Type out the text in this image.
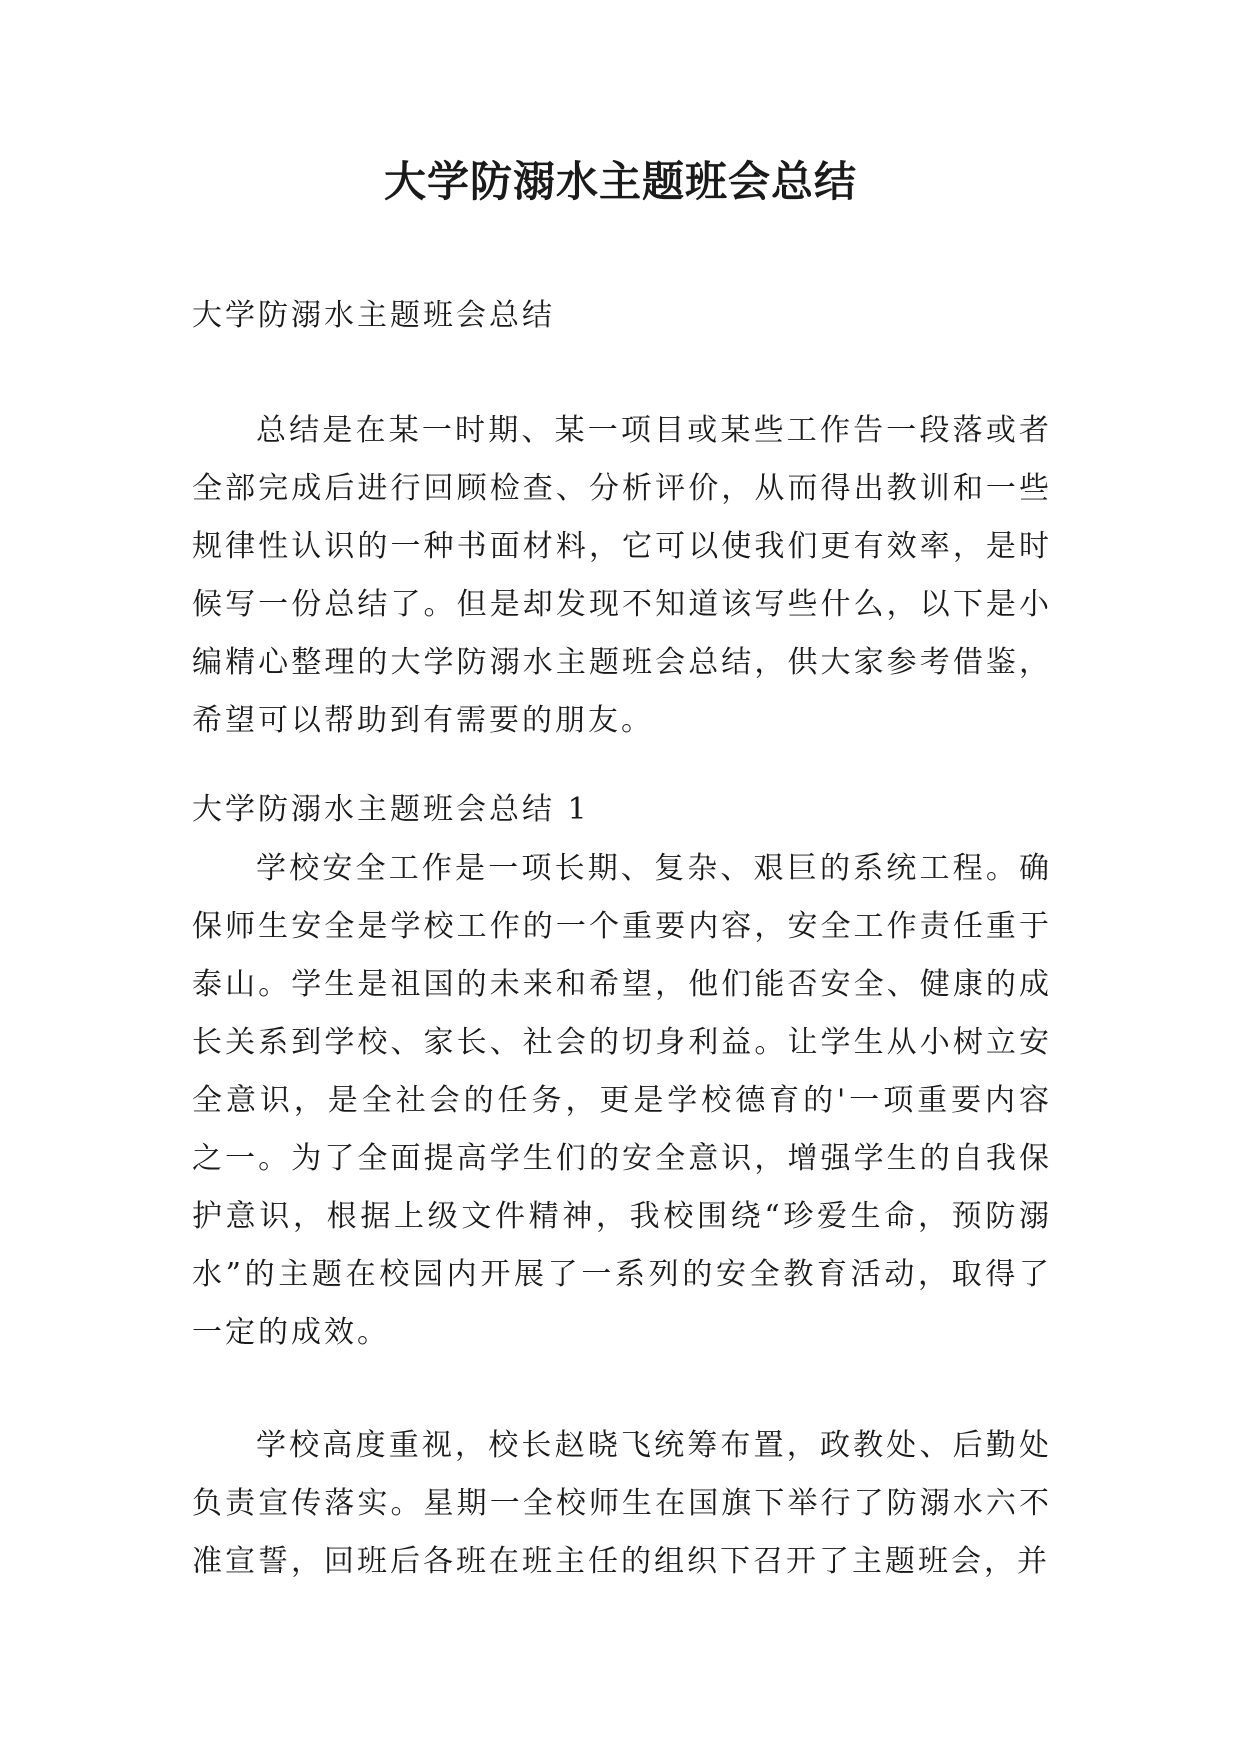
大学防溺水主题班会总结

大学防溺水主题班会总结

总结是在某一时期、某一项目或某些工作告一段落或者全部完成后进行回顾检查、分析评价，从而得出教训和一些规律性认识的一种书面材料，它可以使我们更有效率，是时候写一份总结了。但是却发现不知道该写些什么，以下是小编精心整理的大学防溺水主题班会总结，供大家参考借鉴，希望可以帮助到有需要的朋友。

大学防溺水主题班会总结 1

学校安全工作是一项长期、复杂、艰巨的系统工程。确保师生安全是学校工作的一个重要内容，安全工作责任重于泰山。学生是祖国的未来和希望，他们能否安全、健康的成长关系到学校、家长、社会的切身利益。让学生从小树立安全意识，是全社会的任务，更是学校德育的'一项重要内容之一。为了全面提高学生们的安全意识，增强学生的自我保护意识，根据上级文件精神，我校围绕“珍爱生命，预防溺水”的主题在校园内开展了一系列的安全教育活动，取得了一定的成效。

学校高度重视，校长赵晓飞统筹布置，政教处、后勤处负责宣传落实。星期一全校师生在国旗下举行了防溺水六不准宣誓，回班后各班在班主任的组织下召开了主题班会，并
